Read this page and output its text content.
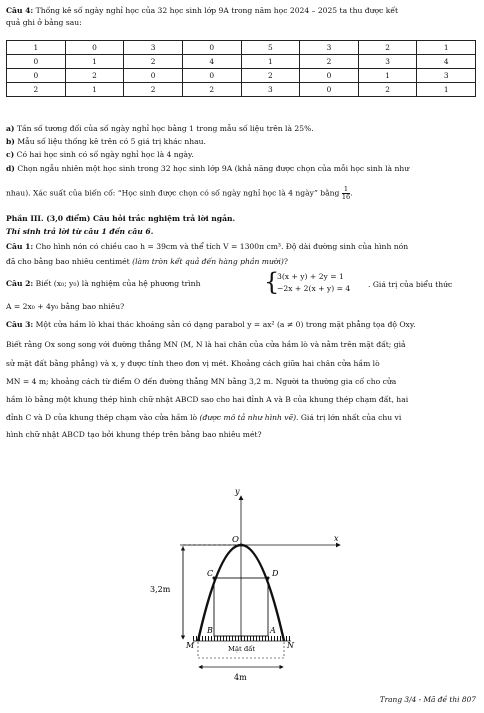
Câu 4: Thống kê số ngày nghỉ học của 32 học sinh lớp 9A trong năm học 2024 – 2025 ta thu được kết
quả ghi ở bảng sau:
1	0	3	0	5	3	2	1
0	1	2	4	1	2	3	4
0	2	0	0	2	0	1	3
2	1	2	2	3	0	2	1
a) Tần số tương đối của số ngày nghỉ học bằng 1 trong mẫu số liệu trên là 25%.
b) Mẫu số liệu thống kê trên có 5 giá trị khác nhau.
c) Có hai học sinh có số ngày nghỉ học là 4 ngày.
d) Chọn ngẫu nhiên một học sinh trong 32 học sinh lớp 9A (khả năng được chọn của mỗi học sinh là như
nhau). Xác suất của biến cố: “Học sinh được chọn có số ngày nghỉ học là 4 ngày” bằng $\frac{1}{16}$ .
Phần III. (3,0 điểm) Câu hỏi trắc nghiệm trả lời ngắn.
Thí sinh trả lời từ câu 1 đến câu 6.
Câu 1: Cho hình nón có chiều cao h = 39cm và thể tích V = 1300π cm³. Độ dài đường sinh của hình nón
đã cho bằng bao nhiêu centimét (làm tròn kết quả đến hàng phần mười)?
Câu 2: Biết (x₀; y₀) là nghiệm của hệ phương trình	{
3(x + y) + 2y = 1
−2x + 2(x + y) = 4 . Giá trị của biểu thức
A = 2x₀ + 4y₀ bằng bao nhiêu?
Câu 3: Một cửa hầm lò khai thác khoáng sản có dạng parabol y = ax² (a ≠ 0) trong mặt phẳng tọa độ Oxy.
Biết rằng Ox song song với đường thẳng MN (M, N là hai chân của cửa hầm lò và nằm trên mặt đất; giả
sử mặt đất bằng phẳng) và x, y được tính theo đơn vị mét. Khoảng cách giữa hai chân cửa hầm lò
MN = 4 m; khoảng cách từ điểm O đến đường thẳng MN bằng 3,2 m. Người ta thường gia cố cho cửa
hầm lò bằng một khung thép hình chữ nhật ABCD sao cho hai đỉnh A và B của khung thép chạm đất, hai
đỉnh C và D của khung thép chạm vào cửa hầm lò (được mô tả như hình vẽ). Giá trị lớn nhất của chu vi
hình chữ nhật ABCD tạo bởi khung thép trên bằng bao nhiêu mét?
y
x
O
C	D
B	A
M	N
3,2m
Mặt đất
4m
Trang 3/4 - Mã đề thi 807
